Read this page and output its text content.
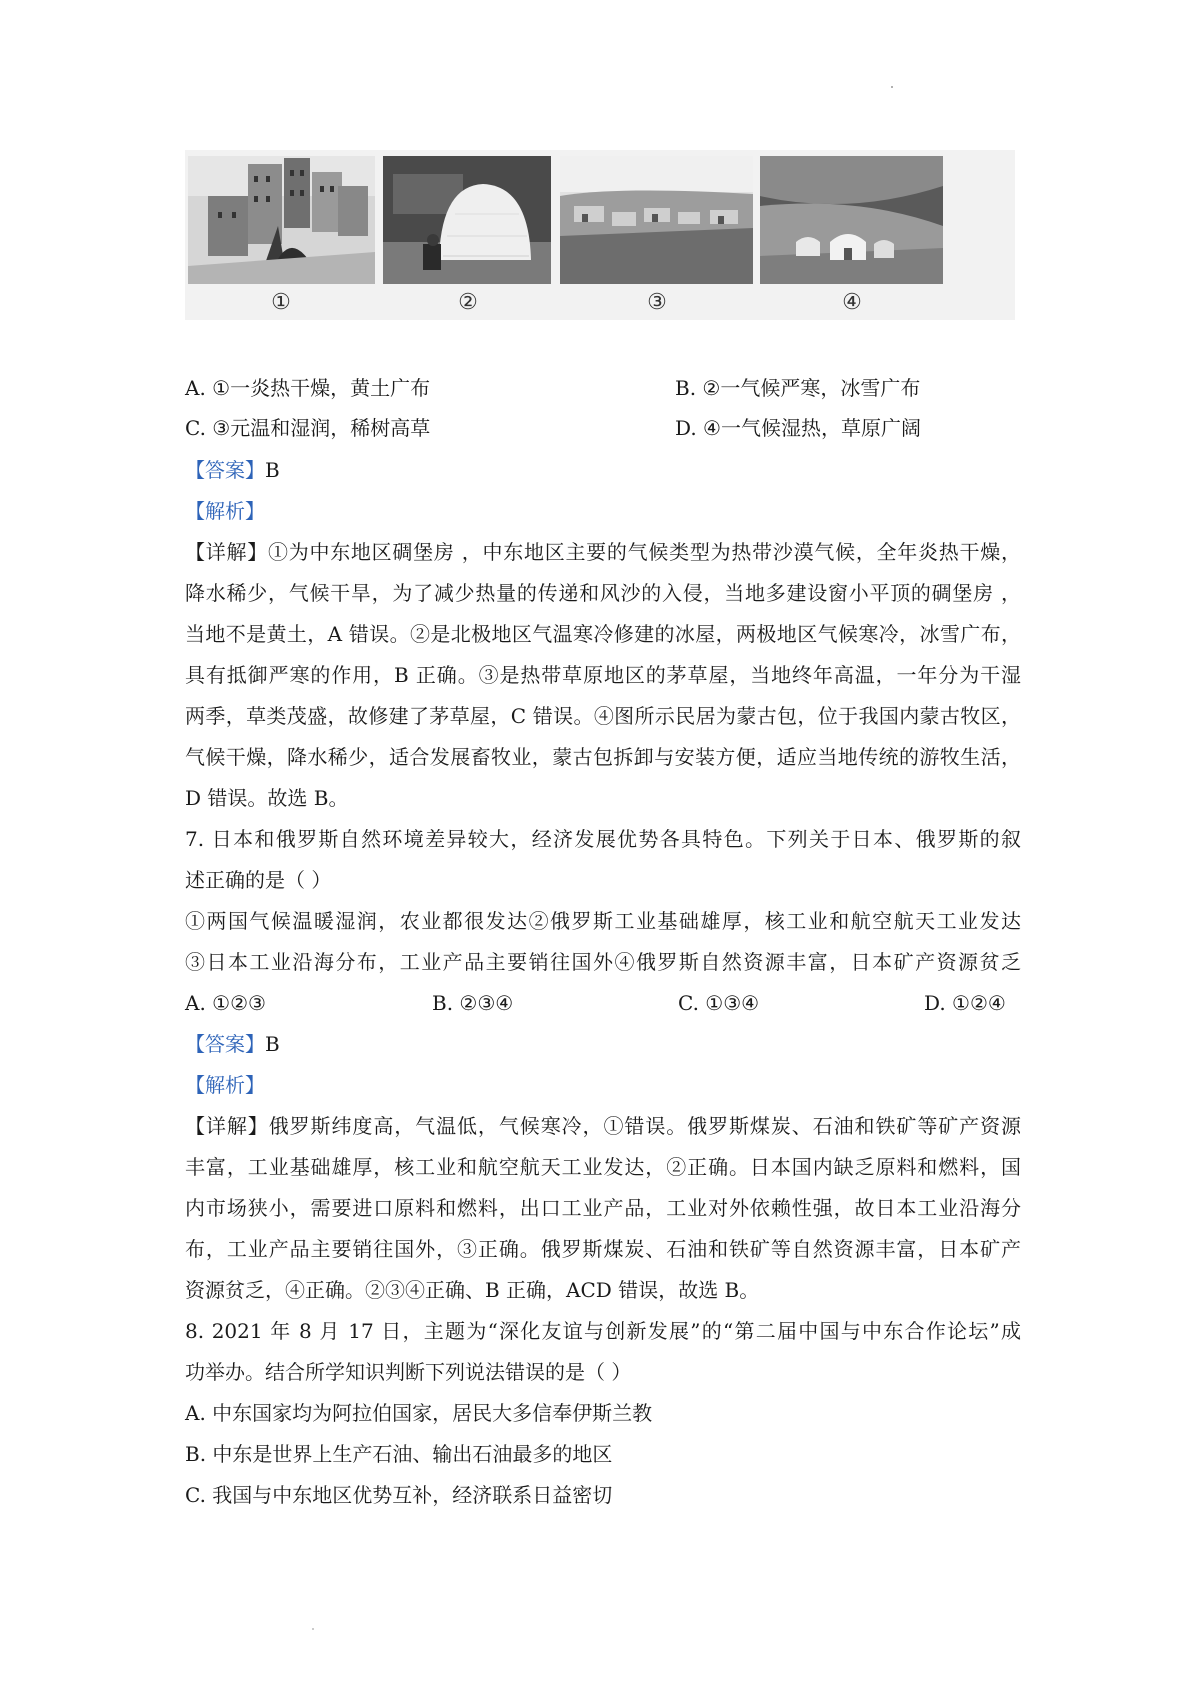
①	②	③	④
A. ①一炎热干燥，黄土广布	B. ②一气候严寒，冰雪广布
C. ③元温和湿润，稀树高草	D. ④一气候湿热，草原广阔
【答案】B
【解析】
【详解】①为中东地区碉堡房 ，中东地区主要的气候类型为热带沙漠气候，全年炎热干燥，
降水稀少，气候干旱，为了减少热量的传递和风沙的入侵，当地多建设窗小平顶的碉堡房 ，
当地不是黄土，A 错误。②是北极地区气温寒冷修建的冰屋，两极地区气候寒冷，冰雪广布，
具有抵御严寒的作用，B 正确。③是热带草原地区的茅草屋，当地终年高温，一年分为干湿
两季，草类茂盛，故修建了茅草屋，C 错误。④图所示民居为蒙古包，位于我国内蒙古牧区，
气候干燥，降水稀少，适合发展畜牧业，蒙古包拆卸与安装方便，适应当地传统的游牧生活，
D 错误。故选 B。
7. 日本和俄罗斯自然环境差异较大，经济发展优势各具特色。下列关于日本、俄罗斯的叙
述正确的是（ ）
①两国气候温暖湿润，农业都很发达②俄罗斯工业基础雄厚，核工业和航空航天工业发达
③日本工业沿海分布，工业产品主要销往国外④俄罗斯自然资源丰富，日本矿产资源贫乏
A. ①②③	B. ②③④	C. ①③④	D. ①②④
【答案】B
【解析】
【详解】俄罗斯纬度高，气温低，气候寒冷，①错误。俄罗斯煤炭、石油和铁矿等矿产资源
丰富，工业基础雄厚，核工业和航空航天工业发达，②正确。日本国内缺乏原料和燃料，国
内市场狭小，需要进口原料和燃料，出口工业产品，工业对外依赖性强，故日本工业沿海分
布，工业产品主要销往国外，③正确。俄罗斯煤炭、石油和铁矿等自然资源丰富，日本矿产
资源贫乏，④正确。②③④正确、B 正确，ACD 错误，故选 B。
8. 2021 年 8 月 17 日，主题为“深化友谊与创新发展”的“第二届中国与中东合作论坛”成
功举办。结合所学知识判断下列说法错误的是（ ）
A. 中东国家均为阿拉伯国家，居民大多信奉伊斯兰教
B. 中东是世界上生产石油、输出石油最多的地区
C. 我国与中东地区优势互补，经济联系日益密切
